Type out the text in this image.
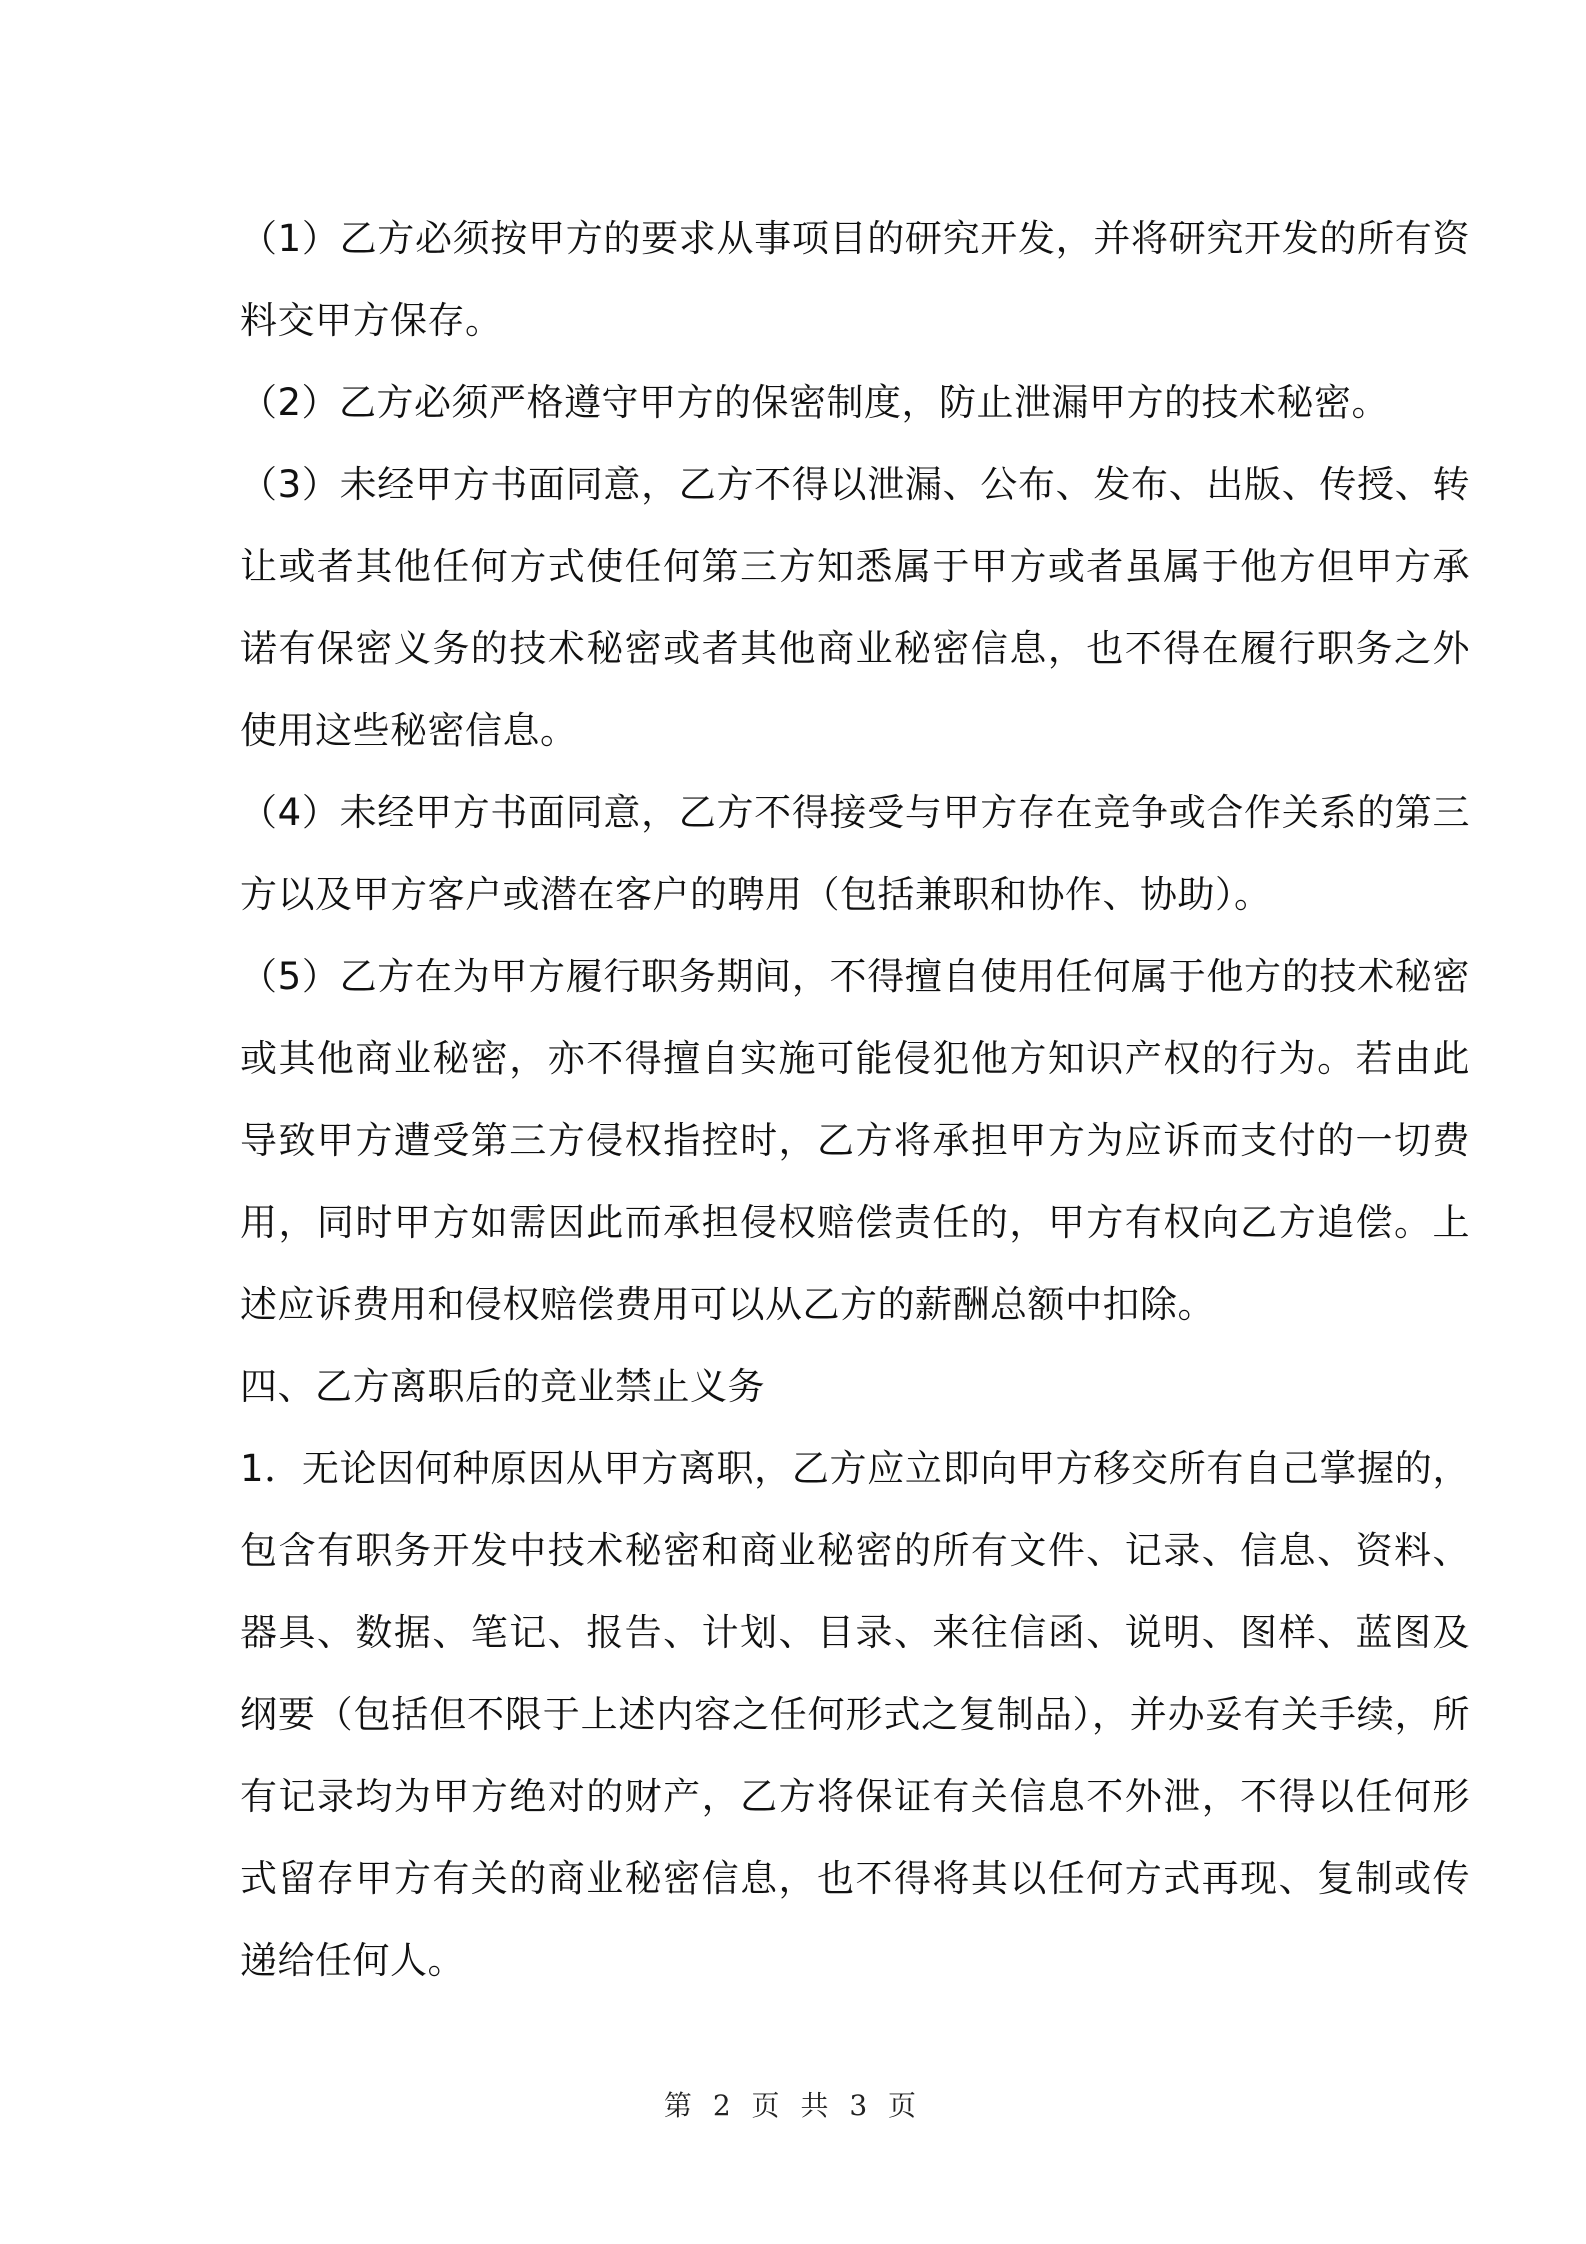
（1）乙方必须按甲方的要求从事项目的研究开发，并将研究开发的所有资料交甲方保存。

（2）乙方必须严格遵守甲方的保密制度，防止泄漏甲方的技术秘密。

（3）未经甲方书面同意，乙方不得以泄漏、公布、发布、出版、传授、转让或者其他任何方式使任何第三方知悉属于甲方或者虽属于他方但甲方承诺有保密义务的技术秘密或者其他商业秘密信息，也不得在履行职务之外使用这些秘密信息。

（4）未经甲方书面同意，乙方不得接受与甲方存在竞争或合作关系的第三方以及甲方客户或潜在客户的聘用（包括兼职和协作、协助）。

（5）乙方在为甲方履行职务期间，不得擅自使用任何属于他方的技术秘密或其他商业秘密，亦不得擅自实施可能侵犯他方知识产权的行为。若由此导致甲方遭受第三方侵权指控时，乙方将承担甲方为应诉而支付的一切费用，同时甲方如需因此而承担侵权赔偿责任的，甲方有权向乙方追偿。上述应诉费用和侵权赔偿费用可以从乙方的薪酬总额中扣除。

四、乙方离职后的竞业禁止义务

1．无论因何种原因从甲方离职，乙方应立即向甲方移交所有自己掌握的，包含有职务开发中技术秘密和商业秘密的所有文件、记录、信息、资料、器具、数据、笔记、报告、计划、目录、来往信函、说明、图样、蓝图及纲要（包括但不限于上述内容之任何形式之复制品），并办妥有关手续，所有记录均为甲方绝对的财产，乙方将保证有关信息不外泄，不得以任何形式留存甲方有关的商业秘密信息，也不得将其以任何方式再现、复制或传递给任何人。

第 2 页 共 3 页
